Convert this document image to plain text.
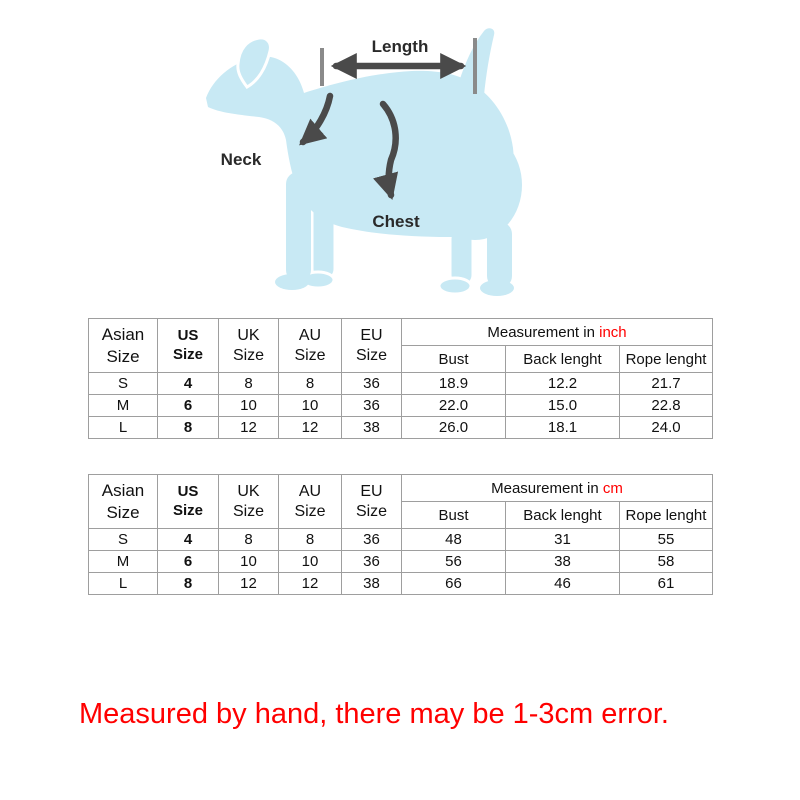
Length
Neck
Chest
Asian Size	US Size	UK Size	AU Size	EU Size	Measurement in inch		
					Bust	Back lenght	Rope lenght
S	4	8	8	36	18.9	12.2	21.7
M	6	10	10	36	22.0	15.0	22.8
L	8	12	12	38	26.0	18.1	24.0
Asian Size	US Size	UK Size	AU Size	EU Size	Measurement in cm		
					Bust	Back lenght	Rope lenght
S	4	8	8	36	48	31	55
M	6	10	10	36	56	38	58
L	8	12	12	38	66	46	61
Measured by hand, there may be 1-3cm error.
